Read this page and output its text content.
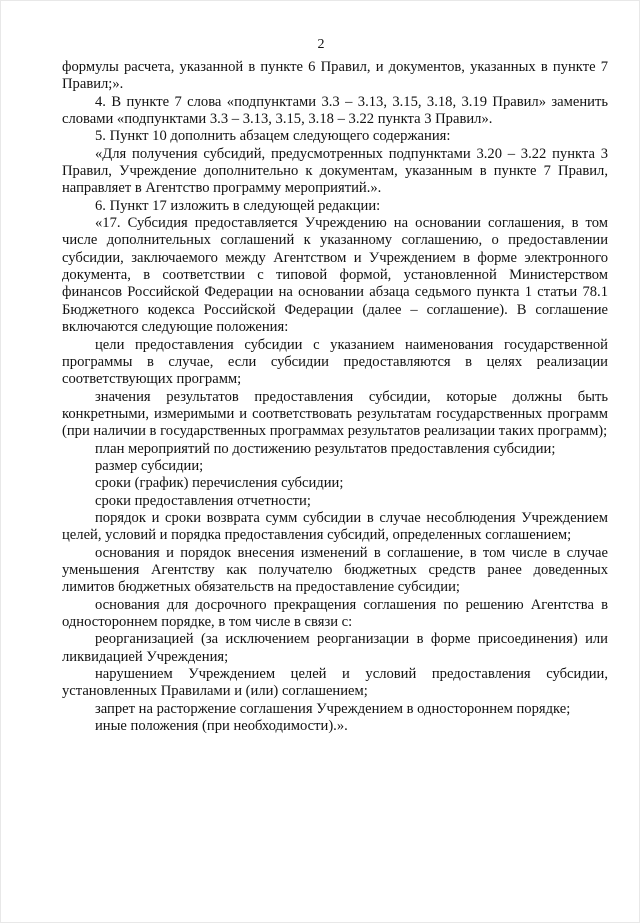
2

формулы расчета, указанной в пункте 6 Правил, и документов, указанных в пункте 7 Правил;».

4. В пункте 7 слова «подпунктами 3.3 – 3.13, 3.15, 3.18, 3.19 Правил» заменить словами «подпунктами 3.3 – 3.13, 3.15, 3.18 – 3.22 пункта 3 Правил».

5. Пункт 10 дополнить абзацем следующего содержания:

«Для получения субсидий, предусмотренных подпунктами 3.20 – 3.22 пункта 3 Правил, Учреждение дополнительно к документам, указанным в пункте 7 Правил, направляет в Агентство программу мероприятий.».

6. Пункт 17 изложить в следующей редакции:

«17. Субсидия предоставляется Учреждению на основании соглашения, в том числе дополнительных соглашений к указанному соглашению, о предоставлении субсидии, заключаемого между Агентством и Учреждением в форме электронного документа, в соответствии с типовой формой, установленной Министерством финансов Российской Федерации на основании абзаца седьмого пункта 1 статьи 78.1 Бюджетного кодекса Российской Федерации (далее – соглашение). В соглашение включаются следующие положения:

цели предоставления субсидии с указанием наименования государственной программы в случае, если субсидии предоставляются в целях реализации соответствующих программ;

значения результатов предоставления субсидии, которые должны быть конкретными, измеримыми и соответствовать результатам государственных программ (при наличии в государственных программах результатов реализации таких программ);

план мероприятий по достижению результатов предоставления субсидии;

размер субсидии;

сроки (график) перечисления субсидии;

сроки предоставления отчетности;

порядок и сроки возврата сумм субсидии в случае несоблюдения Учреждением целей, условий и порядка предоставления субсидий, определенных соглашением;

основания и порядок внесения изменений в соглашение, в том числе в случае уменьшения Агентству как получателю бюджетных средств ранее доведенных лимитов бюджетных обязательств на предоставление субсидии;

основания для досрочного прекращения соглашения по решению Агентства в одностороннем порядке, в том числе в связи с:

реорганизацией (за исключением реорганизации в форме присоединения) или ликвидацией Учреждения;

нарушением Учреждением целей и условий предоставления субсидии, установленных Правилами и (или) соглашением;

запрет на расторжение соглашения Учреждением в одностороннем порядке;

иные положения (при необходимости).».
